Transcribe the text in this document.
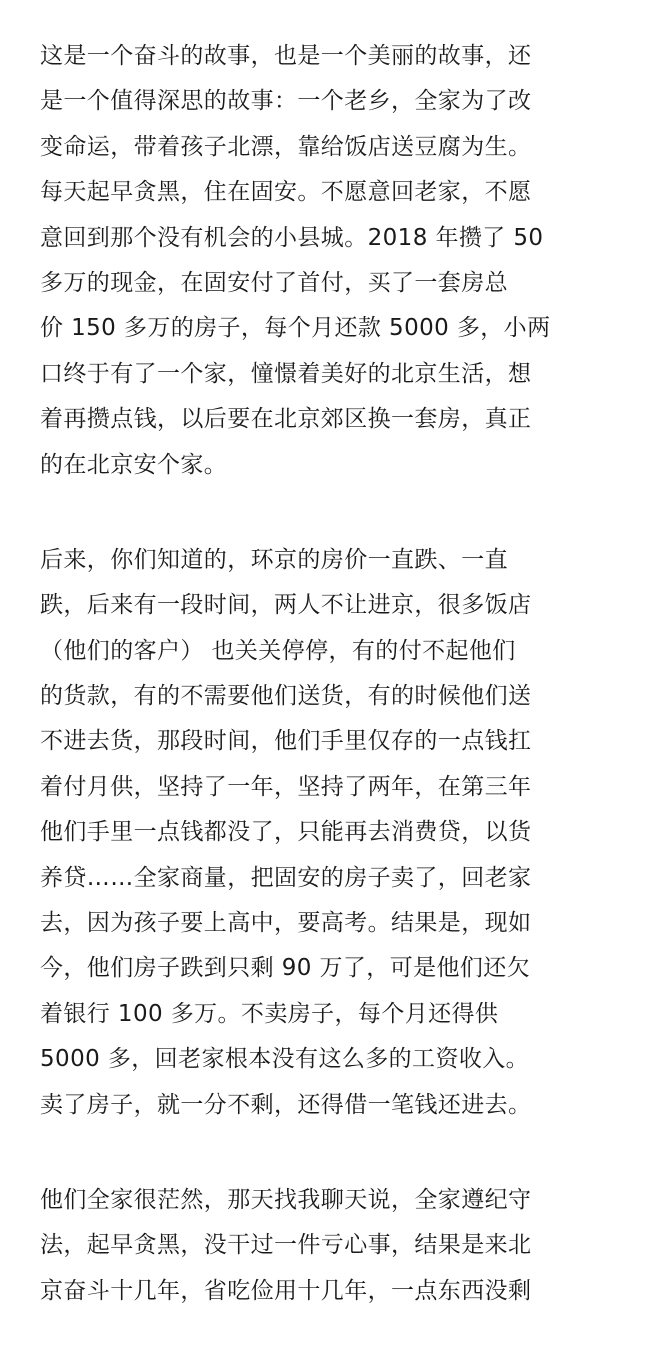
这是一个奋斗的故事，也是一个美丽的故事，还
是一个值得深思的故事：一个老乡，全家为了改
变命运，带着孩子北漂，靠给饭店送豆腐为生。
每天起早贪黑，住在固安。不愿意回老家，不愿
意回到那个没有机会的小县城。2018 年攒了 50
多万的现金，在固安付了首付，买了一套房总
价 150 多万的房子，每个月还款 5000 多，小两
口终于有了一个家，憧憬着美好的北京生活，想
着再攒点钱，以后要在北京郊区换一套房，真正
的在北京安个家。
后来，你们知道的，环京的房价一直跌、一直
跌，后来有一段时间，两人不让进京，很多饭店
（他们的客户） 也关关停停，有的付不起他们
的货款，有的不需要他们送货，有的时候他们送
不进去货，那段时间，他们手里仅存的一点钱扛
着付月供，坚持了一年，坚持了两年，在第三年
他们手里一点钱都没了，只能再去消费贷，以货
养贷……全家商量，把固安的房子卖了，回老家
去，因为孩子要上高中，要高考。结果是，现如
今，他们房子跌到只剩 90 万了，可是他们还欠
着银行 100 多万。不卖房子，每个月还得供
5000 多，回老家根本没有这么多的工资收入。
卖了房子，就一分不剩，还得借一笔钱还进去。
他们全家很茫然，那天找我聊天说，全家遵纪守
法，起早贪黑，没干过一件亏心事，结果是来北
京奋斗十几年，省吃俭用十几年，一点东西没剩
